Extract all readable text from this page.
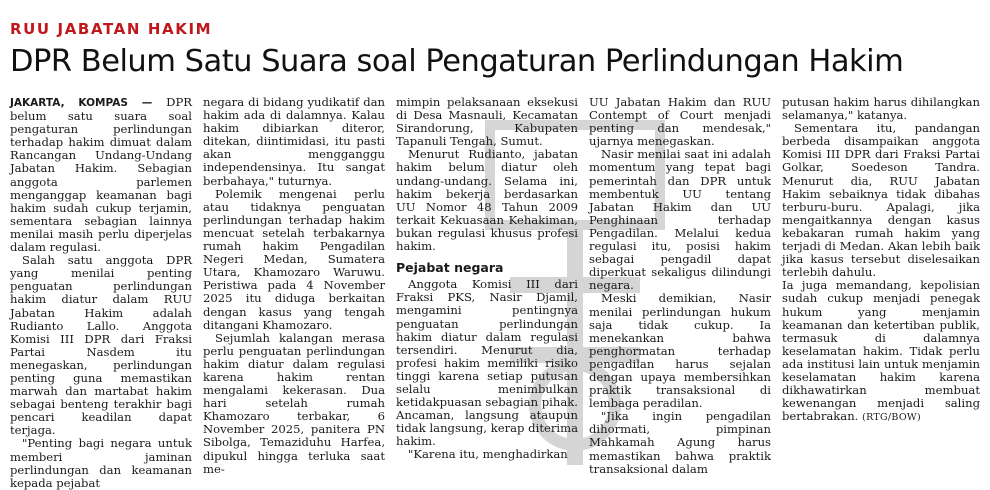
RUU JABATAN HAKIM
DPR Belum Satu Suara soal Pengaturan Perlindungan Hakim

JAKARTA, KOMPAS — DPR belum satu suara soal pengaturan perlindungan terhadap hakim dimuat dalam Rancangan Undang-Undang Jabatan Hakim. Sebagian anggota parlemen menganggap keamanan bagi hakim sudah cukup terjamin, sementara sebagian lainnya menilai masih perlu diperjelas dalam regulasi.

Salah satu anggota DPR yang menilai penting penguatan perlindungan hakim diatur dalam RUU Jabatan Hakim adalah Rudianto Lallo. Anggota Komisi III DPR dari Fraksi Partai Nasdem itu menegaskan, perlindungan penting guna memastikan marwah dan martabat hakim sebagai benteng terakhir bagi pencari keadilan dapat terjaga.

"Penting bagi negara untuk memberi jaminan perlindungan dan keamanan kepada pejabat

negara di bidang yudikatif dan hakim ada di dalamnya. Kalau hakim dibiarkan diteror, ditekan, diintimidasi, itu pasti akan mengganggu independensinya. Itu sangat berbahaya," tuturnya.

Polemik mengenai perlu atau tidaknya penguatan perlindungan terhadap hakim mencuat setelah terbakarnya rumah hakim Pengadilan Negeri Medan, Sumatera Utara, Khamozaro Waruwu. Peristiwa pada 4 November 2025 itu diduga berkaitan dengan kasus yang tengah ditangani Khamozaro.

Sejumlah kalangan merasa perlu penguatan perlindungan hakim diatur dalam regulasi karena hakim rentan mengalami kekerasan. Dua hari setelah rumah Khamozaro terbakar, 6 November 2025, panitera PN Sibolga, Temaziduhu Harfea, dipukul hingga terluka saat me-

mimpin pelaksanaan eksekusi di Desa Masnauli, Kecamatan Sirandorung, Kabupaten Tapanuli Tengah, Sumut.

Menurut Rudianto, jabatan hakim belum diatur oleh undang-undang. Selama ini, hakim bekerja berdasarkan UU Nomor 48 Tahun 2009 terkait Kekuasaan Kehakiman, bukan regulasi khusus profesi hakim.

Pejabat negara

Anggota Komisi III dari Fraksi PKS, Nasir Djamil, mengamini pentingnya penguatan perlindungan hakim diatur dalam regulasi tersendiri. Menurut dia, profesi hakim memiliki risiko tinggi karena setiap putusan selalu menimbulkan ketidakpuasan sebagian pihak. Ancaman, langsung ataupun tidak langsung, kerap diterima hakim.

"Karena itu, menghadirkan

UU Jabatan Hakim dan RUU Contempt of Court menjadi penting dan mendesak," ujarnya menegaskan.

Nasir menilai saat ini adalah momentum yang tepat bagi pemerintah dan DPR untuk membentuk UU tentang Jabatan Hakim dan UU Penghinaan terhadap Pengadilan. Melalui kedua regulasi itu, posisi hakim sebagai pengadil dapat diperkuat sekaligus dilindungi negara.

Meski demikian, Nasir menilai perlindungan hukum saja tidak cukup. Ia menekankan bahwa penghormatan terhadap pengadilan harus sejalan dengan upaya membersihkan praktik transaksional di lembaga peradilan.

"Jika ingin pengadilan dihormati, pimpinan Mahkamah Agung harus memastikan bahwa praktik transaksional dalam

putusan hakim harus dihilangkan selamanya," katanya.

Sementara itu, pandangan berbeda disampaikan anggota Komisi III DPR dari Fraksi Partai Golkar, Soedeson Tandra. Menurut dia, RUU Jabatan Hakim sebaiknya tidak dibahas terburu-buru. Apalagi, jika mengaitkannya dengan kasus kebakaran rumah hakim yang terjadi di Medan. Akan lebih baik jika kasus tersebut diselesaikan terlebih dahulu.

Ia juga memandang, kepolisian sudah cukup menjadi penegak hukum yang menjamin keamanan dan ketertiban publik, termasuk di dalamnya keselamatan hakim. Tidak perlu ada institusi lain untuk menjamin keselamatan hakim karena dikhawatirkan membuat kewenangan menjadi saling bertabrakan. (RTG/BOW)
